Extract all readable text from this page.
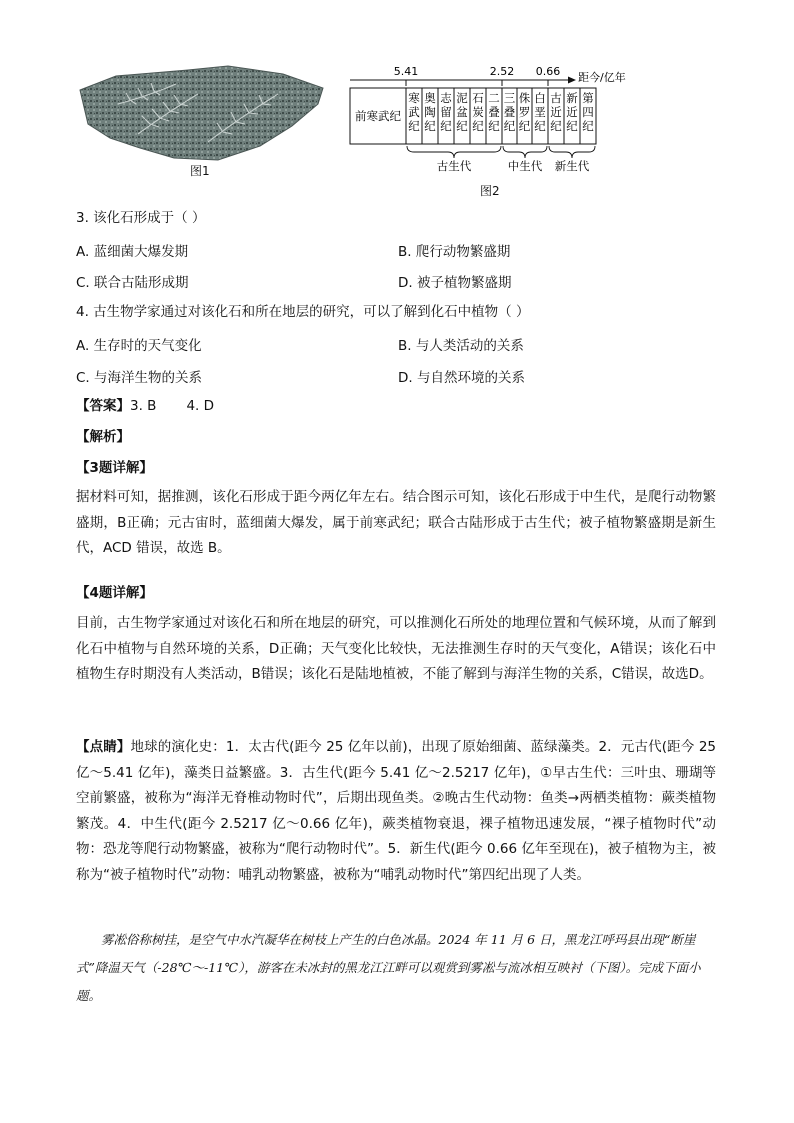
图1
5.41	2.52 0.66 距今/亿年
前寒武纪
寒武纪
奥陶纪
志留纪
泥盆纪
石炭纪
二叠纪
三叠纪
侏罗纪
白垩纪
古近纪
新近纪
第四纪
古生代	中生代 新生代
图2
3. 该化石形成于（ ）
A. 蓝细菌大爆发期	B. 爬行动物繁盛期
C. 联合古陆形成期	D. 被子植物繁盛期
4. 古生物学家通过对该化石和所在地层的研究，可以了解到化石中植物（ ）
A. 生存时的天气变化	B. 与人类活动的关系
C. 与海洋生物的关系	D. 与自然环境的关系
【答案】3. B       4. D
【解析】
【3题详解】
据材料可知，据推测，该化石形成于距今两亿年左右。结合图示可知，该化石形成于中生代，是爬行动物繁盛期，B正确；元古宙时，蓝细菌大爆发，属于前寒武纪；联合古陆形成于古生代；被子植物繁盛期是新生代，ACD 错误，故选 B。
【4题详解】
目前，古生物学家通过对该化石和所在地层的研究，可以推测化石所处的地理位置和气候环境，从而了解到化石中植物与自然环境的关系，D正确；天气变化比较快，无法推测生存时的天气变化，A错误；该化石中植物生存时期没有人类活动，B错误；该化石是陆地植被，不能了解到与海洋生物的关系，C错误，故选D。
【点睛】地球的演化史：1．太古代(距今 25 亿年以前)，出现了原始细菌、蓝绿藻类。2．元古代(距今 25 亿～5.41 亿年)，藻类日益繁盛。3．古生代(距今 5.41 亿～2.5217 亿年)，①早古生代：三叶虫、珊瑚等空前繁盛，被称为“海洋无脊椎动物时代”，后期出现鱼类。②晚古生代动物：鱼类→两栖类植物：蕨类植物繁茂。4．中生代(距今 2.5217 亿～0.66 亿年)，蕨类植物衰退，裸子植物迅速发展，“裸子植物时代”动物：恐龙等爬行动物繁盛，被称为“爬行动物时代”。5．新生代(距今 0.66 亿年至现在)，被子植物为主，被称为“被子植物时代”动物：哺乳动物繁盛，被称为“哺乳动物时代”第四纪出现了人类。
雾凇俗称树挂，是空气中水汽凝华在树枝上产生的白色冰晶。2024 年 11 月 6 日，黑龙江呼玛县出现“断崖式”降温天气（-28℃～-11℃），游客在未冰封的黑龙江江畔可以观赏到雾凇与流冰相互映衬（下图）。完成下面小题。
